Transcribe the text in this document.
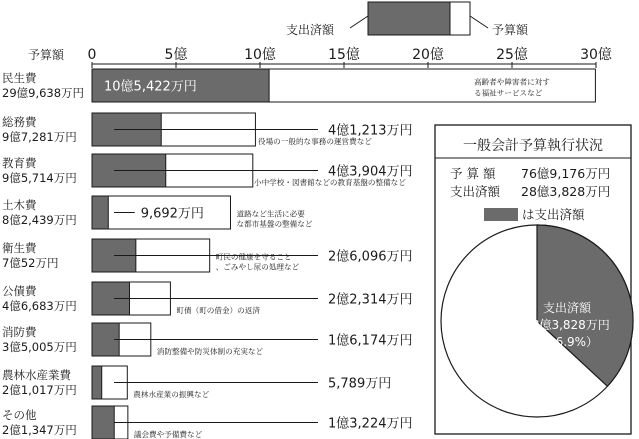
支出済額	予算額
予算額 0	5億	10億	15億	20億	25億	30億
民生費
29億9,638万円 10億5,422万円	高齢者や障害者に対す
る福祉サービスなど
総務費
9億7,281万円	4億1,213万円
役場の一般的な事務の運営費など
教育費
9億5,714万円	4億3,904万円
小中学校・図書館などの教育基盤の整備など
土木費
8億2,439万円	9,692万円	道路など生活に必要
な都市基盤の整備など
衛生費
7億52万円	2億6,096万円
町民の健康を守ること
、ごみやし尿の処理など
公債費
4億6,683万円	2億2,314万円
町債（町の借金）の返済
消防費
3億5,005万円	1億6,174万円
消防整備や防災体制の充実など
農林水産業費
2億1,017万円	5,789万円
農林水産業の振興など
その他
2億1,347万円	1億3,224万円
議会費や予備費など
一般会計予算執行状況
予 算 額 76億9,176万円
支出済額 28億3,828万円
は支出済額
支出済額
28億3,828万円
（36.9%）
